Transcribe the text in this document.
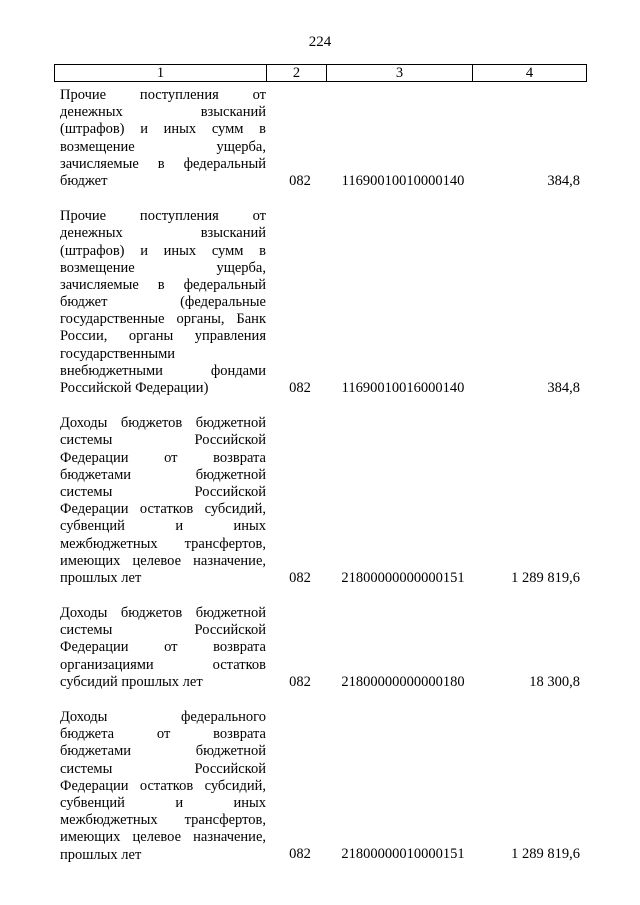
224
1	2	3	4
Прочие поступления от
денежных взысканий
(штрафов) и иных сумм в
возмещение ущерба,
зачисляемые в федеральный
бюджет	082	11690010010000140	384,8
Прочие поступления от
денежных взысканий
(штрафов) и иных сумм в
возмещение ущерба,
зачисляемые в федеральный
бюджет (федеральные
государственные органы, Банк
России, органы управления
государственными
внебюджетными фондами
Российской Федерации)	082	11690010016000140	384,8
Доходы бюджетов бюджетной
системы Российской
Федерации от возврата
бюджетами бюджетной
системы Российской
Федерации остатков субсидий,
субвенций и иных
межбюджетных трансфертов,
имеющих целевое назначение,
прошлых лет	082	21800000000000151	1 289 819,6
Доходы бюджетов бюджетной
системы Российской
Федерации от возврата
организациями остатков
субсидий прошлых лет	082	21800000000000180	18 300,8
Доходы федерального
бюджета от возврата
бюджетами бюджетной
системы Российской
Федерации остатков субсидий,
субвенций и иных
межбюджетных трансфертов,
имеющих целевое назначение,
прошлых лет	082	21800000010000151	1 289 819,6
